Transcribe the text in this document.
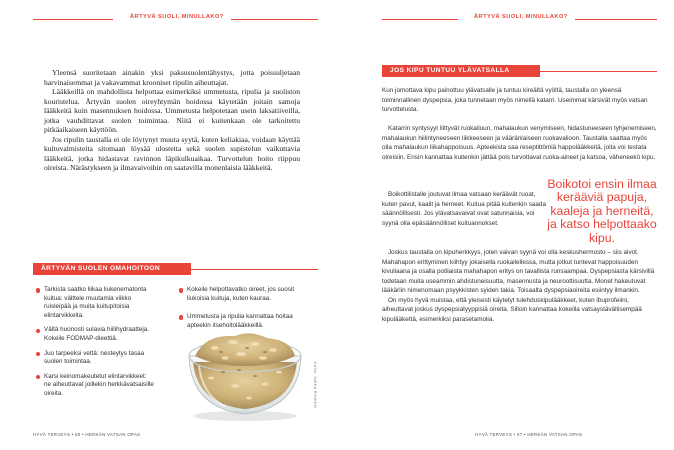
ÄRTYVÄ SUOLI, MINULLAKO?

Yleensä suoritetaan ainakin yksi paksusuolentähystys, jotta poissuljetaan harvinaisemmat ja vakavammat krooniset ripulin aiheuttajat.

Lääkkeillä on mahdollista helpottaa esimerkiksi ummetusta, ripulia ja suoliston kouristelua. Ärtyvän suolen oireyhtymän hoidossa käytetään joitain samoja lääkkeitä kuin masennuksen hoidossa. Ummetusta helpotetaan usein laksatiiveilla, jotka vauhdittavat suolen toimintaa. Niitä ei kuitenkaan ole tarkoitettu pitkäaikaiseen käyttöön.

Jos ripulin taustalla ei ole löytynyt muuta syytä, kuten keliakiaa, voidaan käyttää kuituvalmisteita sitomaan löysää ulostetta sekä suolen supistelun vaikuttavia lääkkeitä, jotka hidastavat ravinnon läpikulkuaikaa. Turvottelun hoito riippuu oireista. Närästykseen ja ilmavaivoihin on saatavilla monenlaisia lääkkeitä.

ÄRTYVÄN SUOLEN OMAHOITOON
Tarkista saatko liikaa liukenematonta kuitua: välttele muutamia viikko ruisleipää ja muita kuitupitoisia elintarvikkeita.
Vältä huonosti sulavia hiilihydraatteja. Kokeile FODMAP-dieettiä.
Juo tarpeeksi vettä: nesteytys tasaa suolen toimintaa.
Karsi keinomakeutetut elintarvikkeet: ne aiheuttavat joillekin herkkävatsaisille oireita.
Kokeile helpottavatko oireet, jos suosit liukoisia kuituja, kuten kauraa.
Ummetusta ja ripulia kannattaa hoitaa apteekin itsehoitolääkkeillä.
KUVA: JUKKA RISIKKO
HYVÄ TERVEYS • 56 • HERKÄN VATSAN OPAS
ÄRTYVÄ SUOLI, MINULLAKO?
JOS KIPU TUNTUU YLÄVATSALLA

Kun jomottava kipu painottuu ylävatsalle ja tuntuu kireältä vyöltä, taustalla on yleensä toiminnallinen dyspepsia, joka tunnetaan myös nimellä katarri. Useimmat kärsivät myös vatsan turvottelusta.

Katarrin syntysyyt liittyvät ruokailuun, mahalaukun venymiseen, hidastuneeseen tyhjenemiseen, mahalaukun hiilintyneeseen liikkeeseen ja vääränlaiseen ruokavalioon. Taustalla saattaa myös olla mahalaukun liikahappoisuus. Apteekista saa reseptittömiä happolääkkeitä, joita voi testata oireisiin. Ensin kannattaa kuitenkin jättää pois turvottavat ruoka-aineet ja katsoa, väheneekö kipu.

Boikottilistalle joutuvat ilmaa vatsaan keräävät ruoat, kuten pavut, kaalit ja herneet. Kuitua pitää kuitenkin saada säännöllisesti. Jos ylävatsavaivat ovat satunnaisia, voi syynä olla epäsäännölliset kuituannokset.

Boikotoi ensin ilmaa kerääviä papuja, kaaleja ja herneitä, ja katso helpottaako kipu.

Joskus taustalla on kipuherkkyys, joten vaivan syynä voi olla keskushermosto – siis aivot. Mahahapon erittyminen kiihtyy jokaisella ruokailellessa, mutta jotkut tuntevat happoisuuden kivuliaana ja osalla potilaista mahahapon eritys on tavallista runsaampaa. Dyspepsiasta kärsivillä todetaan muita useammin ahdistuneisuutta, masennusta ja neuroottisuutta. Monet hakeutuvat lääkäriin nimenomaan psyykkisten syiden takia. Toisaalta dyspepsiaoireita esiintyy ilmankin.

On myös hyvä muistaa, että yleisesti käytetyt tulehduskipulääkkeet, kuten ibuprofeiini, aiheuttavat joskus dyspepsiatyyppisiä oireita. Silloin kannattaa kokeilla vatsaystävällisempää kipulääkettä, esimerkiksi parasetamolia.

HYVÄ TERVEYS • 57 • HERKÄN VATSAN OPAS
